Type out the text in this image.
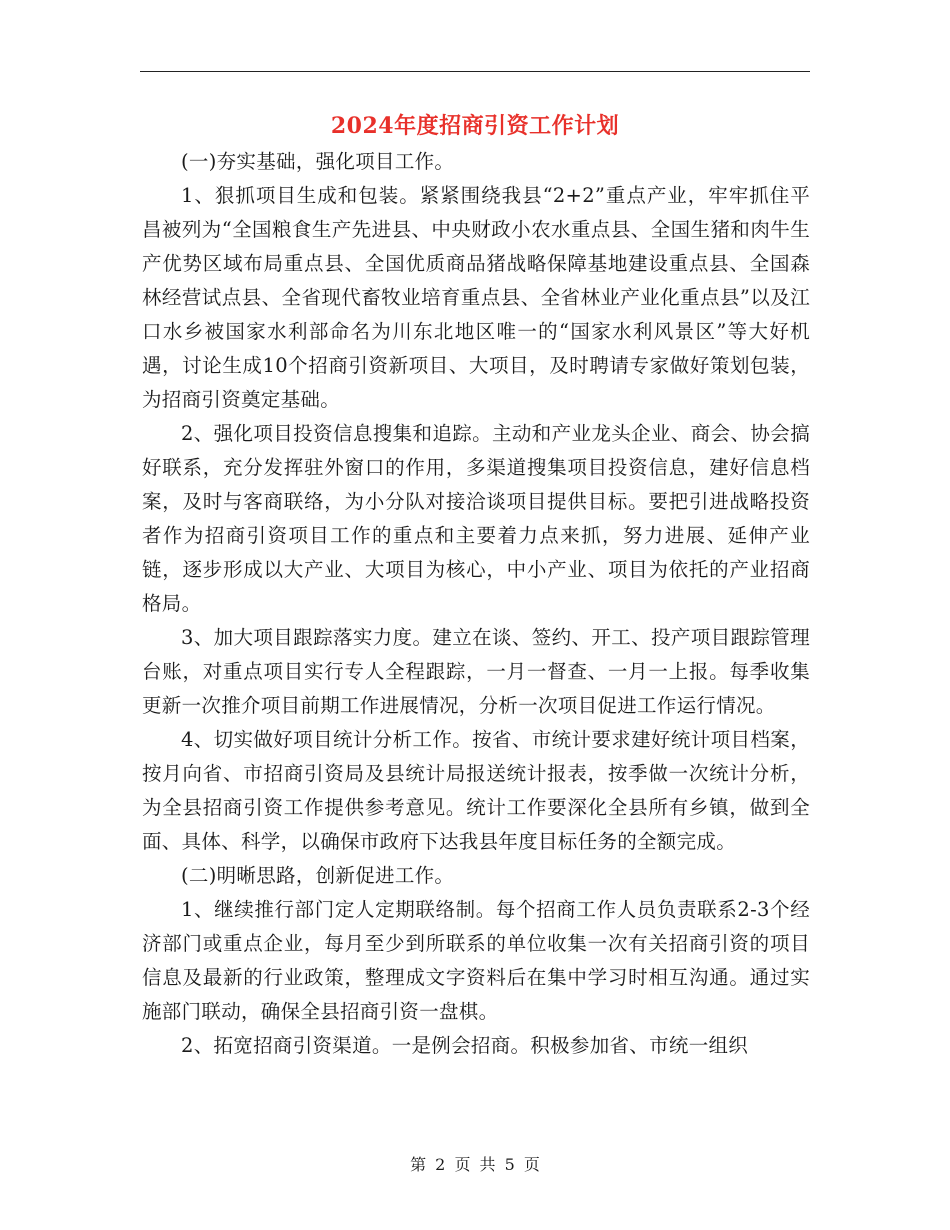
2024年度招商引资工作计划

(一)夯实基础，强化项目工作。

1、狠抓项目生成和包装。紧紧围绕我县“2+2”重点产业，牢牢抓住平昌被列为“全国粮食生产先进县、中央财政小农水重点县、全国生猪和肉牛生产优势区域布局重点县、全国优质商品猪战略保障基地建设重点县、全国森林经营试点县、全省现代畜牧业培育重点县、全省林业产业化重点县”以及江口水乡被国家水利部命名为川东北地区唯一的“国家水利风景区”等大好机遇，讨论生成10个招商引资新项目、大项目，及时聘请专家做好策划包装，为招商引资奠定基础。

2、强化项目投资信息搜集和追踪。主动和产业龙头企业、商会、协会搞好联系，充分发挥驻外窗口的作用，多渠道搜集项目投资信息，建好信息档案，及时与客商联络，为小分队对接洽谈项目提供目标。要把引进战略投资者作为招商引资项目工作的重点和主要着力点来抓，努力进展、延伸产业链，逐步形成以大产业、大项目为核心，中小产业、项目为依托的产业招商格局。

3、加大项目跟踪落实力度。建立在谈、签约、开工、投产项目跟踪管理台账，对重点项目实行专人全程跟踪，一月一督查、一月一上报。每季收集更新一次推介项目前期工作进展情况，分析一次项目促进工作运行情况。

4、切实做好项目统计分析工作。按省、市统计要求建好统计项目档案，按月向省、市招商引资局及县统计局报送统计报表，按季做一次统计分析，为全县招商引资工作提供参考意见。统计工作要深化全县所有乡镇，做到全面、具体、科学，以确保市政府下达我县年度目标任务的全额完成。

(二)明晰思路，创新促进工作。

1、继续推行部门定人定期联络制。每个招商工作人员负责联系2-3个经济部门或重点企业，每月至少到所联系的单位收集一次有关招商引资的项目信息及最新的行业政策，整理成文字资料后在集中学习时相互沟通。通过实施部门联动，确保全县招商引资一盘棋。

2、拓宽招商引资渠道。一是例会招商。积极参加省、市统一组织

第 2 页 共 5 页
